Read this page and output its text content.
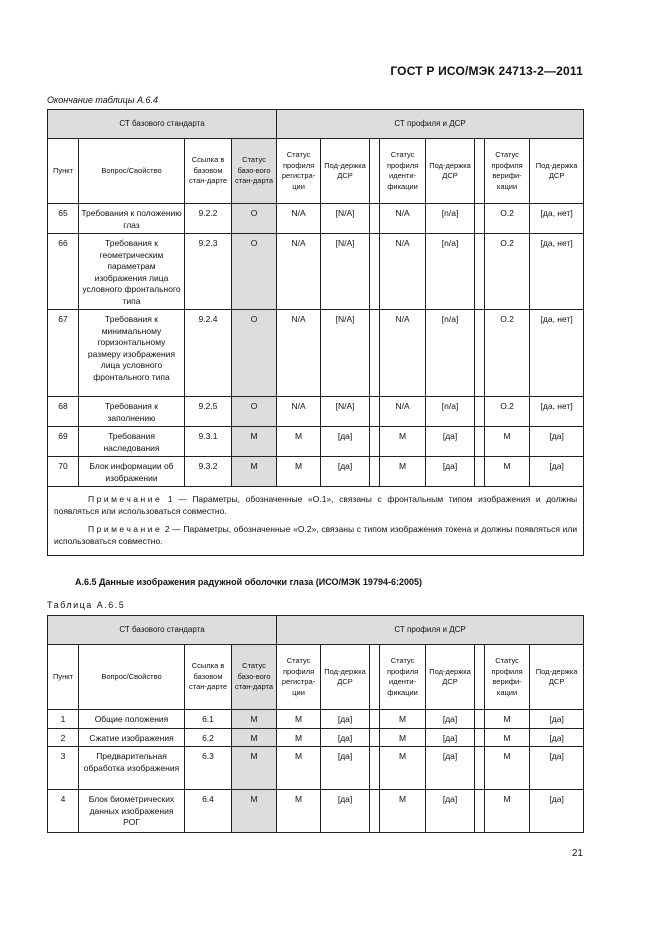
ГОСТ Р ИСО/МЭК 24713-2—2011
Окончание таблицы А.6.4
СТ базового стандарта				СТ профиля и ДСР							
Пункт	Вопрос/Свойство	Ссылка в базовом стан-дарте	Статус базо-вого стан-дарта	Статус профиля регистра-ции	Под-держка ДСР		Статус профиля иденти-фикации	Под-держка ДСР		Статус профиля верифи-кации	Под-держка ДСР
65	Требования к положению глаз	9.2.2	O	N/A	[N/A]		N/A	[n/a]		O.2	[да, нет]
66	Требования к геометрическим параметрам изображения лица условного фронтального типа	9.2.3	O	N/A	[N/A]		N/A	[n/a]		O.2	[да, нет]
67	Требования к минимальному горизонтальному размеру изображения лица условного фронтального типа	9.2.4	O	N/A	[N/A]		N/A	[n/a]		O.2	[да, нет]
68	Требования к заполнению	9.2.5	O	N/A	[N/A]		N/A	[n/a]		O.2	[да, нет]
69	Требования наследования	9.3.1	M	M	[да]		M	[да]		M	[да]
70	Блок информации об изображении	9.3.2	M	M	[да]		M	[да]		M	[да]

Примечание 1 — Параметры, обозначенные «O.1», связаны с фронтальным типом изображения и должны появляться или использоваться совместно.

Примечание 2 — Параметры, обозначенные «O.2», связаны с типом изображения токена и должны появляться или использоваться совместно.											

А.6.5 Данные изображения радужной оболочки глаза (ИСО/МЭК 19794-6:2005)
Таблица А.6.5
СТ базового стандарта				СТ профиля и ДСР							
Пункт	Вопрос/Свойство	Ссылка в базовом стан-дарте	Статус базо-вого стан-дарта	Статус профиля регистра-ции	Под-держка ДСР		Статус профиля иденти-фикации	Под-держка ДСР		Статус профиля верифи-кации	Под-держка ДСР
1	Общие положения	6.1	M	M	[да]		M	[да]		M	[да]
2	Сжатие изображения	6.2	M	M	[да]		M	[да]		M	[да]
3	Предварительная обработка изображения	6.3	M	M	[да]		M	[да]		M	[да]
4	Блок биометрических данных изображения РОГ	6.4	M	M	[да]		M	[да]		M	[да]
21
